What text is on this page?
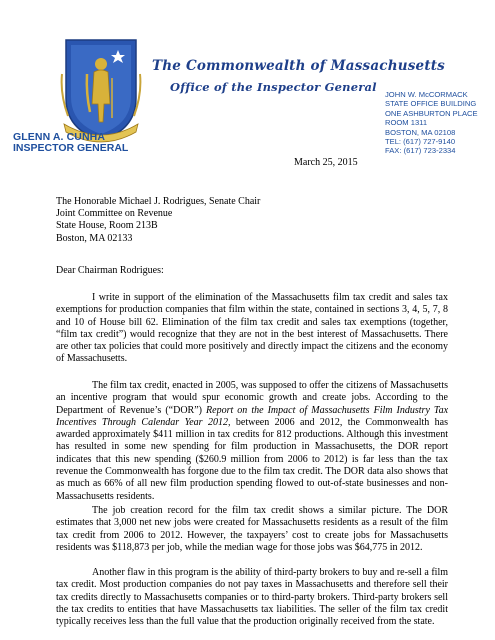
GLENN A. CUNHA
INSPECTOR GENERAL
The Commonwealth of Massachusetts
Office of the Inspector General
JOHN W. McCORMACK
STATE OFFICE BUILDING
ONE ASHBURTON PLACE
ROOM 1311
BOSTON, MA 02108
TEL: (617) 727-9140
FAX: (617) 723-2334
March 25, 2015
The Honorable Michael J. Rodrigues, Senate Chair
Joint Committee on Revenue
State House, Room 213B
Boston, MA 02133
Dear Chairman Rodrigues:
I write in support of the elimination of the Massachusetts film tax credit and sales tax exemptions for production companies that film within the state, contained in sections 3, 4, 5, 7, 8 and 10 of House bill 62. Elimination of the film tax credit and sales tax exemptions (together, “film tax credit”) would recognize that they are not in the best interest of Massachusetts. There are other tax policies that could more positively and directly impact the citizens and the economy of Massachusetts.
The film tax credit, enacted in 2005, was supposed to offer the citizens of Massachusetts an incentive program that would spur economic growth and create jobs. According to the Department of Revenue’s (“DOR”) Report on the Impact of Massachusetts Film Industry Tax Incentives Through Calendar Year 2012, between 2006 and 2012, the Commonwealth has awarded approximately $411 million in tax credits for 812 productions. Although this investment has resulted in some new spending for film production in Massachusetts, the DOR report indicates that this new spending ($260.9 million from 2006 to 2012) is far less than the tax revenue the Commonwealth has forgone due to the film tax credit. The DOR data also shows that as much as 66% of all new film production spending flowed to out-of-state businesses and non-Massachusetts residents.
The job creation record for the film tax credit shows a similar picture. The DOR estimates that 3,000 net new jobs were created for Massachusetts residents as a result of the film tax credit from 2006 to 2012. However, the taxpayers’ cost to create jobs for Massachusetts residents was $118,873 per job, while the median wage for those jobs was $64,775 in 2012.
Another flaw in this program is the ability of third-party brokers to buy and re-sell a film tax credit. Most production companies do not pay taxes in Massachusetts and therefore sell their tax credits directly to Massachusetts companies or to third-party brokers. Third-party brokers sell the tax credits to entities that have Massachusetts tax liabilities. The seller of the film tax credit typically receives less than the full value that the production originally received from the state.
